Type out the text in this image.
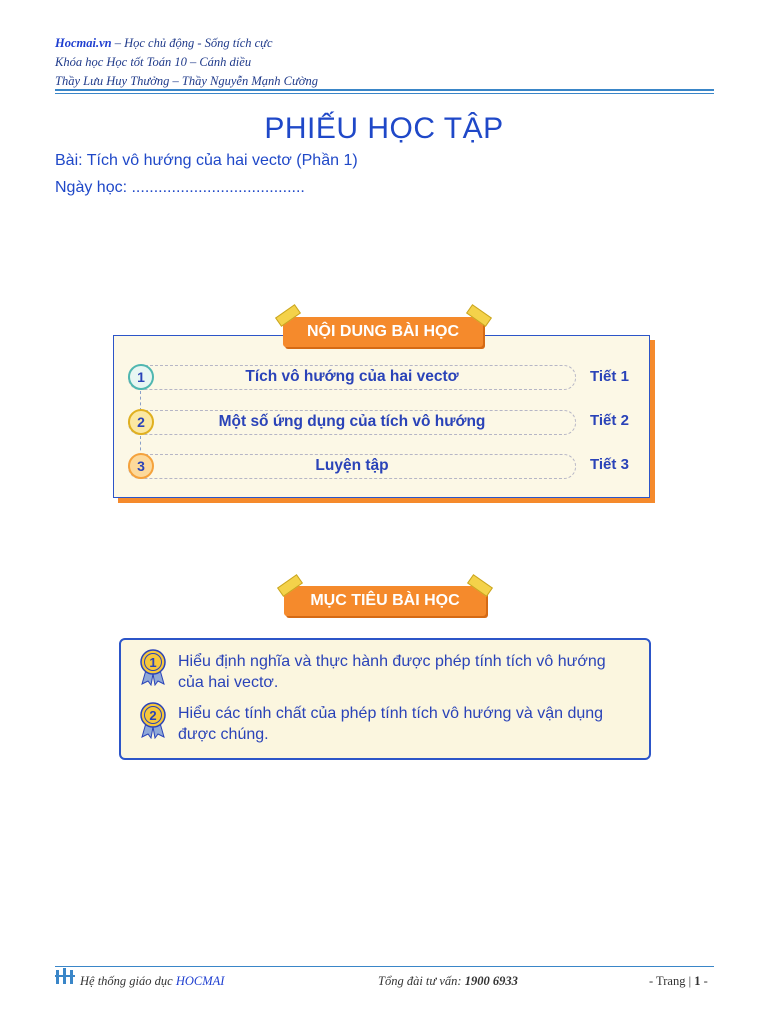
Hocmai.vn – Học chủ động - Sống tích cực
Khóa học Học tốt Toán 10 – Cánh diều
Thầy Lưu Huy Thưởng – Thầy Nguyễn Mạnh Cường
PHIẾU HỌC TẬP
Bài: Tích vô hướng của hai vectơ (Phần 1)
Ngày học: .......................................
NỘI DUNG BÀI HỌC
1	Tích vô hướng của hai vectơ	Tiết 1
2	Một số ứng dụng của tích vô hướng	Tiết 2
3	Luyện tập	Tiết 3
MỤC TIÊU BÀI HỌC
1 Hiểu định nghĩa và thực hành được phép tính tích vô hướng
của hai vectơ.
2 Hiểu các tính chất của phép tính tích vô hướng và vận dụng
được chúng.
Hệ thống giáo dục HOCMAI	Tổng đài tư vấn: 1900 6933	- Trang | 1 -
